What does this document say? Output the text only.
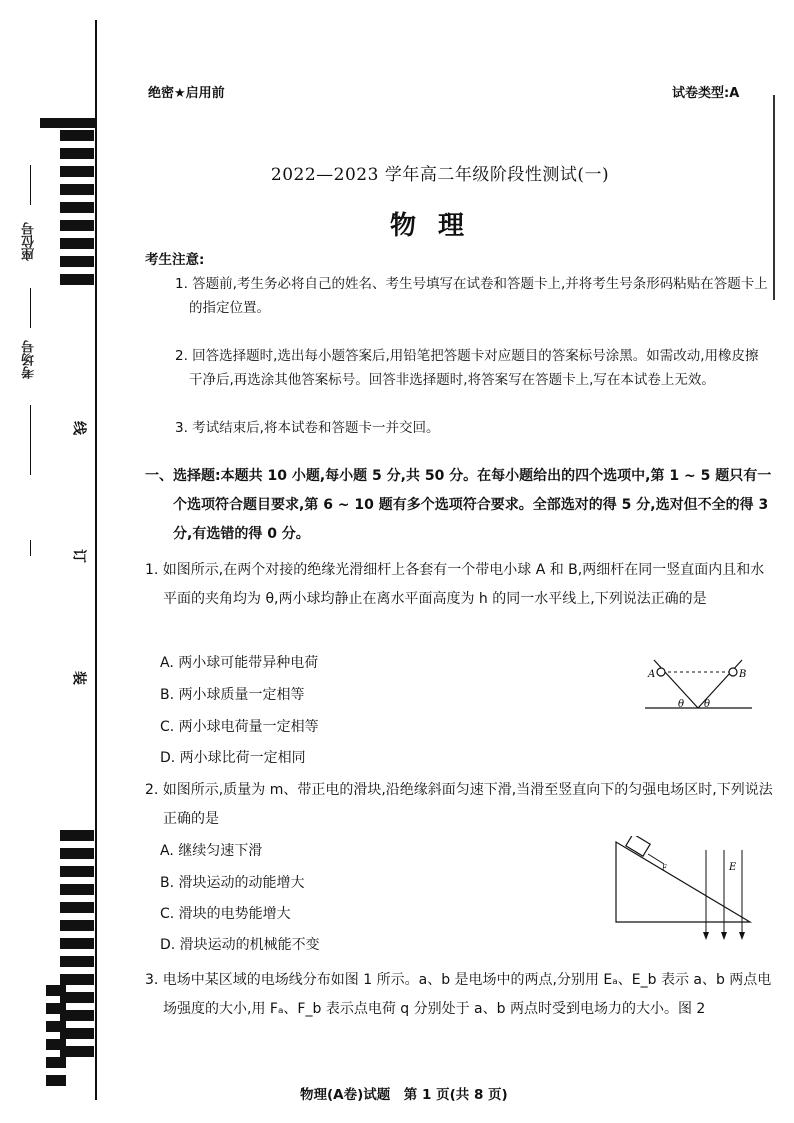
座位号
考场号
线
订
装
绝密★启用前	试卷类型:A
2022—2023 学年高二年级阶段性测试(一)
物理
考生注意:
1. 答题前,考生务必将自己的姓名、考生号填写在试卷和答题卡上,并将考生号条形码粘贴在答题卡上的指定位置。
2. 回答选择题时,选出每小题答案后,用铅笔把答题卡对应题目的答案标号涂黑。如需改动,用橡皮擦干净后,再选涂其他答案标号。回答非选择题时,将答案写在答题卡上,写在本试卷上无效。
3. 考试结束后,将本试卷和答题卡一并交回。
一、选择题:本题共 10 小题,每小题 5 分,共 50 分。在每小题给出的四个选项中,第 1 ~ 5 题只有一个选项符合题目要求,第 6 ~ 10 题有多个选项符合要求。全部选对的得 5 分,选对但不全的得 3 分,有选错的得 0 分。
1. 如图所示,在两个对接的绝缘光滑细杆上各套有一个带电小球 A 和 B,两细杆在同一竖直面内且和水平面的夹角均为 θ,两小球均静止在离水平面高度为 h 的同一水平线上,下列说法正确的是
A. 两小球可能带异种电荷
B. 两小球质量一定相等
C. 两小球电荷量一定相等
D. 两小球比荷一定相同
A	B
θ θ
2. 如图所示,质量为 m、带正电的滑块,沿绝缘斜面匀速下滑,当滑至竖直向下的匀强电场区时,下列说法正确的是
A. 继续匀速下滑
B. 滑块运动的动能增大
C. 滑块的电势能增大
D. 滑块运动的机械能不变
F	E
3. 电场中某区域的电场线分布如图 1 所示。a、b 是电场中的两点,分别用 Eₐ、E_b 表示 a、b 两点电场强度的大小,用 Fₐ、F_b 表示点电荷 q 分别处于 a、b 两点时受到电场力的大小。图 2
物理(A卷)试题　第 1 页(共 8 页)
